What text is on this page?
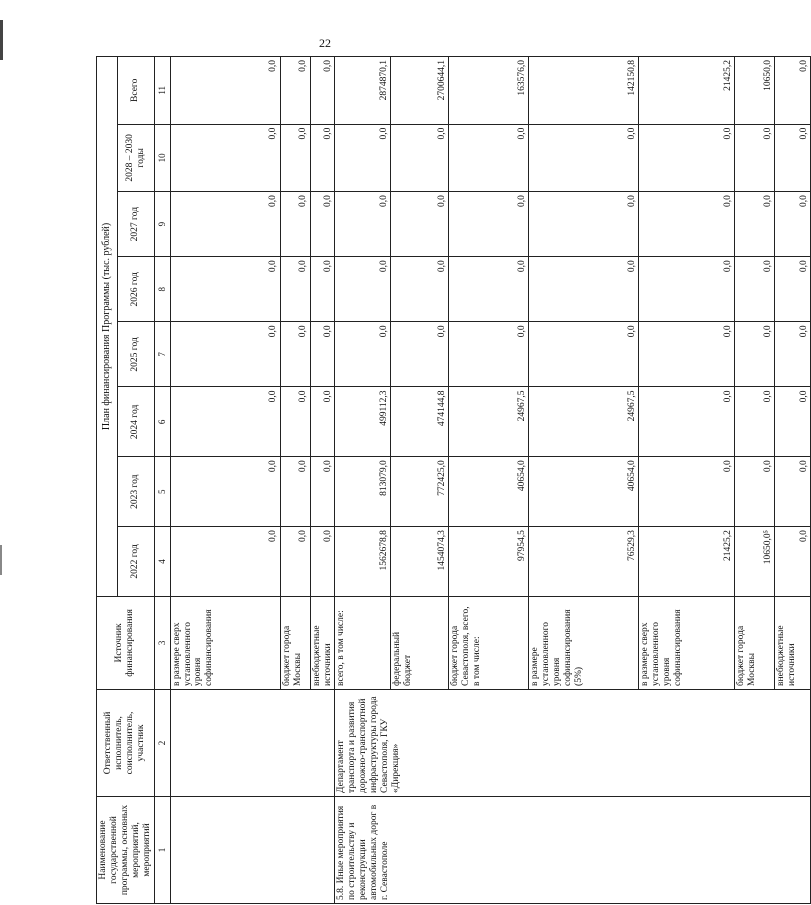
22
Наименование государственной программы, основных мероприятий, мероприятий	Ответственный исполнитель, соисполнитель, участник	Источник финансирования	План финансирования Программы (тыс. рублей)							
			2022 год	2023 год	2024 год	2025 год	2026 год	2027 год	2028 – 2030 годы	Всего
1	2	3	4	5	6	7	8	9	10	11
		в размере сверх установленного уровня софинансирования	0,0	0,0	0,0	0,0	0,0	0,0	0,0	0,0
		бюджет города Москвы	0,0	0,0	0,0	0,0	0,0	0,0	0,0	0,0
		внебюджетные источники	0,0	0,0	0,0	0,0	0,0	0,0	0,0	0,0
5.8. Иные мероприятия по строительству и реконструкции автомобильных дорог в г. Севастополе	Департамент транспорта и развития дорожно-транспортной инфраструктуры города Севастополя, ГКУ «Дирекция»	всего, в том числе:	1562678,8	813079,0	499112,3	0,0	0,0	0,0	0,0	2874870,1
		федеральный бюджет	1454074,3	772425,0	474144,8	0,0	0,0	0,0	0,0	2700644,1
		бюджет города Севастополя, всего, в том числе:	97954,5	40654,0	24967,5	0,0	0,0	0,0	0,0	163576,0
		в размере установленного уровня софинансирования (5%)	76529,3	40654,0	24967,5	0,0	0,0	0,0	0,0	142150,8
		в размере сверх установленного уровня софинансирования	21425,2	0,0	0,0	0,0	0,0	0,0	0,0	21425,2
		бюджет города Москвы	10650,0⁵	0,0	0,0	0,0	0,0	0,0	0,0	10650,0
		внебюджетные источники	0,0	0,0	0,0	0,0	0,0	0,0	0,0	0,0
